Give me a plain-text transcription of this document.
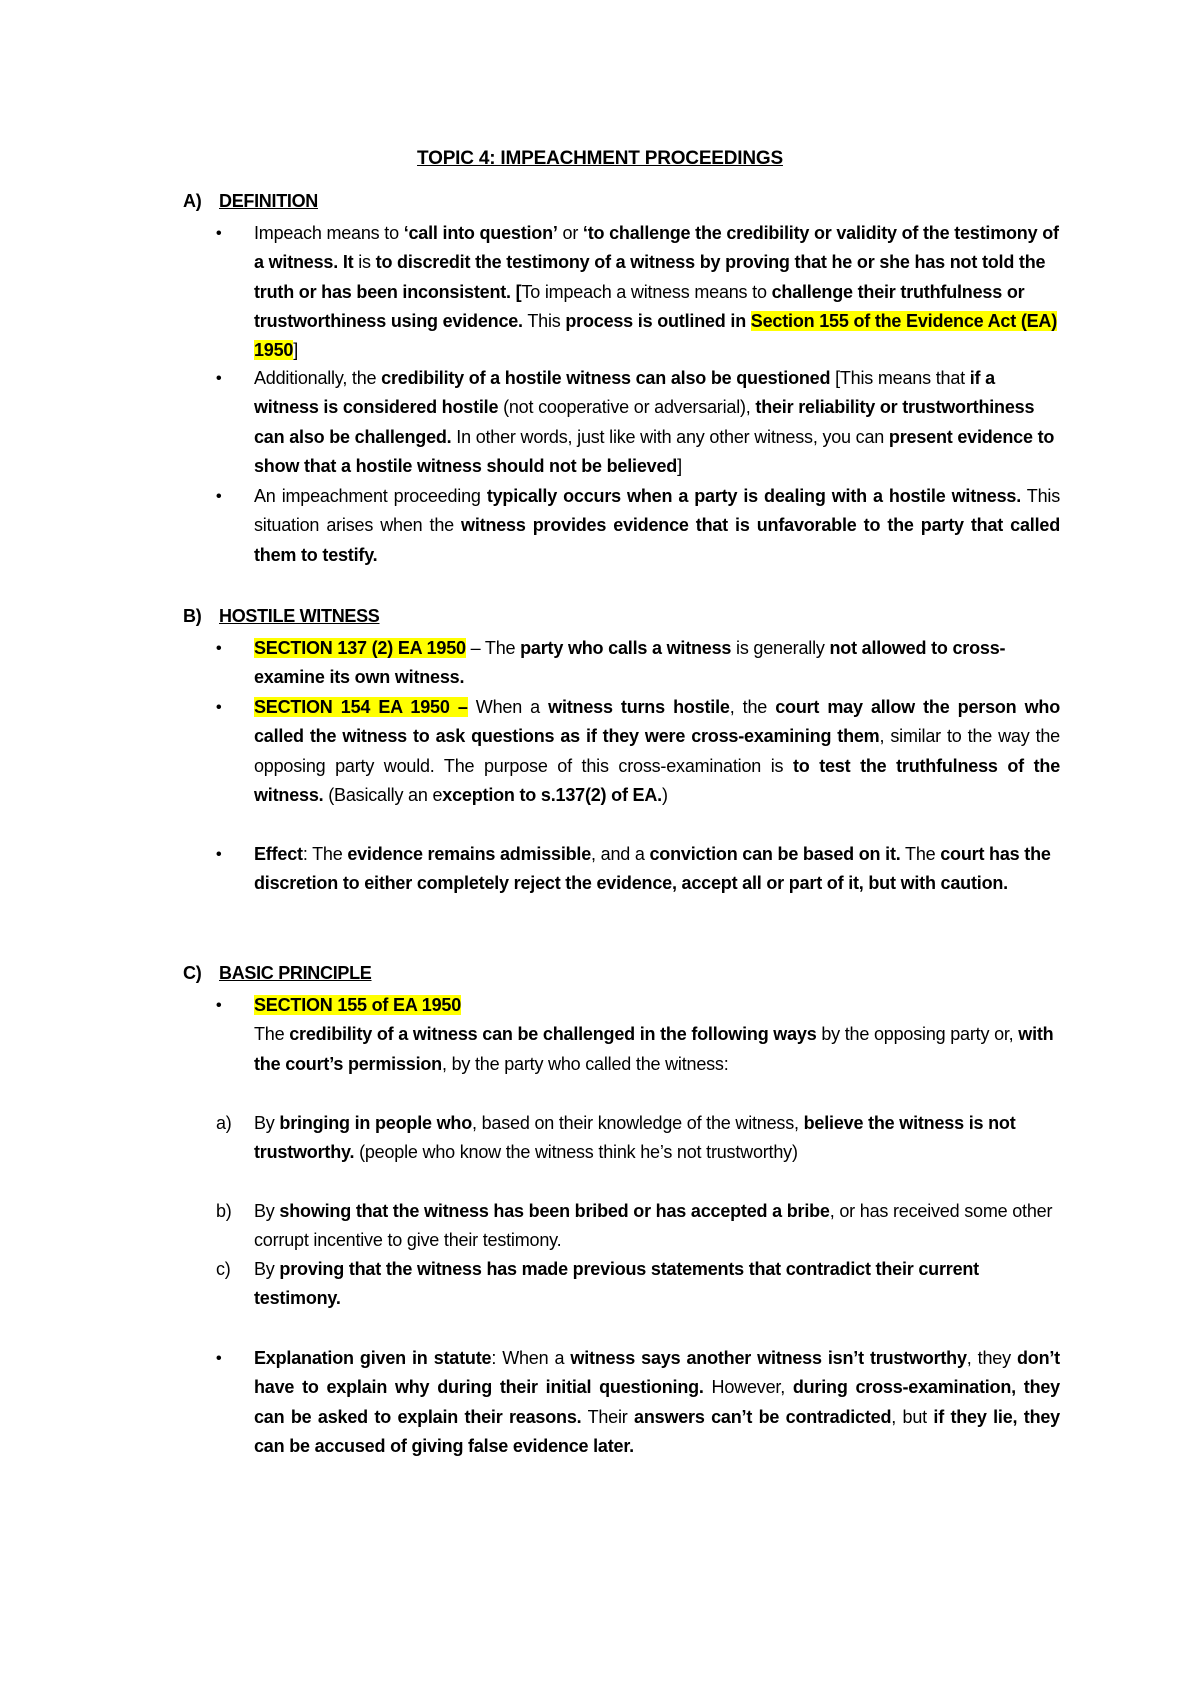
TOPIC 4: IMPEACHMENT PROCEEDINGS
A) DEFINITION
•	Impeach means to ‘call into question’ or ‘to challenge the credibility or validity of the testimony of a witness. It is to discredit the testimony of a witness by proving that he or she has not told the truth or has been inconsistent. [To impeach a witness means to challenge their truthfulness or trustworthiness using evidence. This process is outlined in Section 155 of the Evidence Act (EA) 1950]
•	Additionally, the credibility of a hostile witness can also be questioned [This means that if a witness is considered hostile (not cooperative or adversarial), their reliability or trustworthiness can also be challenged. In other words, just like with any other witness, you can present evidence to show that a hostile witness should not be believed]
•	An impeachment proceeding typically occurs when a party is dealing with a hostile witness. This situation arises when the witness provides evidence that is unfavorable to the party that called them to testify.
B) HOSTILE WITNESS
•	SECTION 137 (2) EA 1950 – The party who calls a witness is generally not allowed to cross-examine its own witness.
•	SECTION 154 EA 1950 – When a witness turns hostile, the court may allow the person who called the witness to ask questions as if they were cross-examining them, similar to the way the opposing party would. The purpose of this cross-examination is to test the truthfulness of the witness. (Basically an exception to s.137(2) of EA.)
•	Effect: The evidence remains admissible, and a conviction can be based on it. The court has the discretion to either completely reject the evidence, accept all or part of it, but with caution.
C) BASIC PRINCIPLE
•	SECTION 155 of EA 1950
The credibility of a witness can be challenged in the following ways by the opposing party or, with the court’s permission, by the party who called the witness:
a)	By bringing in people who, based on their knowledge of the witness, believe the witness is not trustworthy. (people who know the witness think he’s not trustworthy)
b)	By showing that the witness has been bribed or has accepted a bribe, or has received some other corrupt incentive to give their testimony.
c)	By proving that the witness has made previous statements that contradict their current testimony.
•	Explanation given in statute: When a witness says another witness isn’t trustworthy, they don’t have to explain why during their initial questioning. However, during cross-examination, they can be asked to explain their reasons. Their answers can’t be contradicted, but if they lie, they can be accused of giving false evidence later.
